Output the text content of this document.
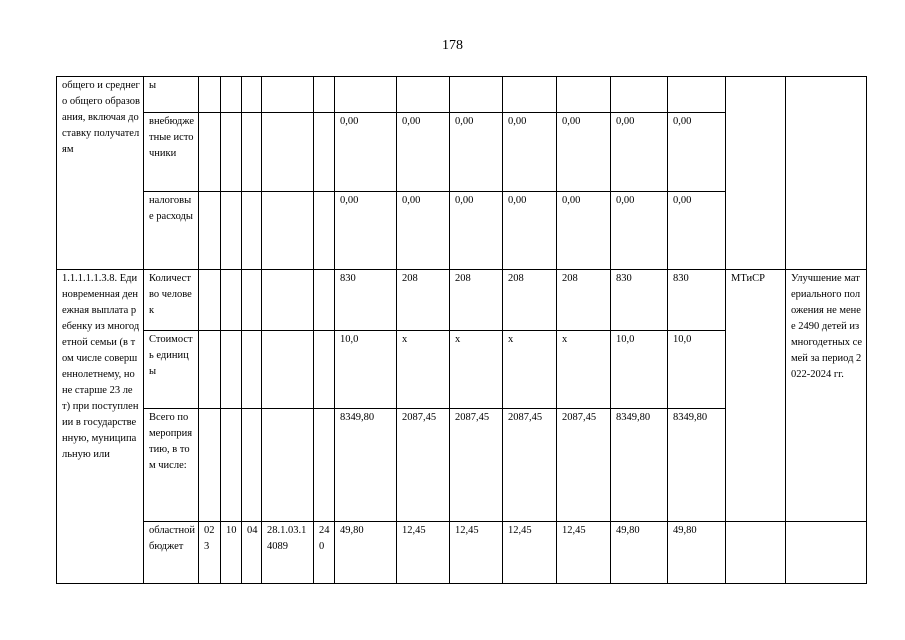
178
общего и среднего общего образования, включая доставку получателям	ы														
	внебюджетные источники						0,00	0,00	0,00	0,00	0,00	0,00	0,00		
	налоговые расходы						0,00	0,00	0,00	0,00	0,00	0,00	0,00		
1.1.1.1.1.3.8. Единовременная денежная выплата ребенку из многодетной семьи (в том числе совершеннолетнему, но не старше 23 лет) при поступлении в государственную, муниципальную или	Количество человек						830	208	208	208	208	830	830	МТиСР	Улучшение материального положения не менее 2490 детей из многодетных семей за период 2022-2024 гг.
	Стоимость единицы						10,0	х	х	х	х	10,0	10,0		
	Всего по мероприятию, в том числе:						8349,80	2087,45	2087,45	2087,45	2087,45	8349,80	8349,80		
	областной бюджет	023	10	04	28.1.03.14089	240	49,80	12,45	12,45	12,45	12,45	49,80	49,80		
